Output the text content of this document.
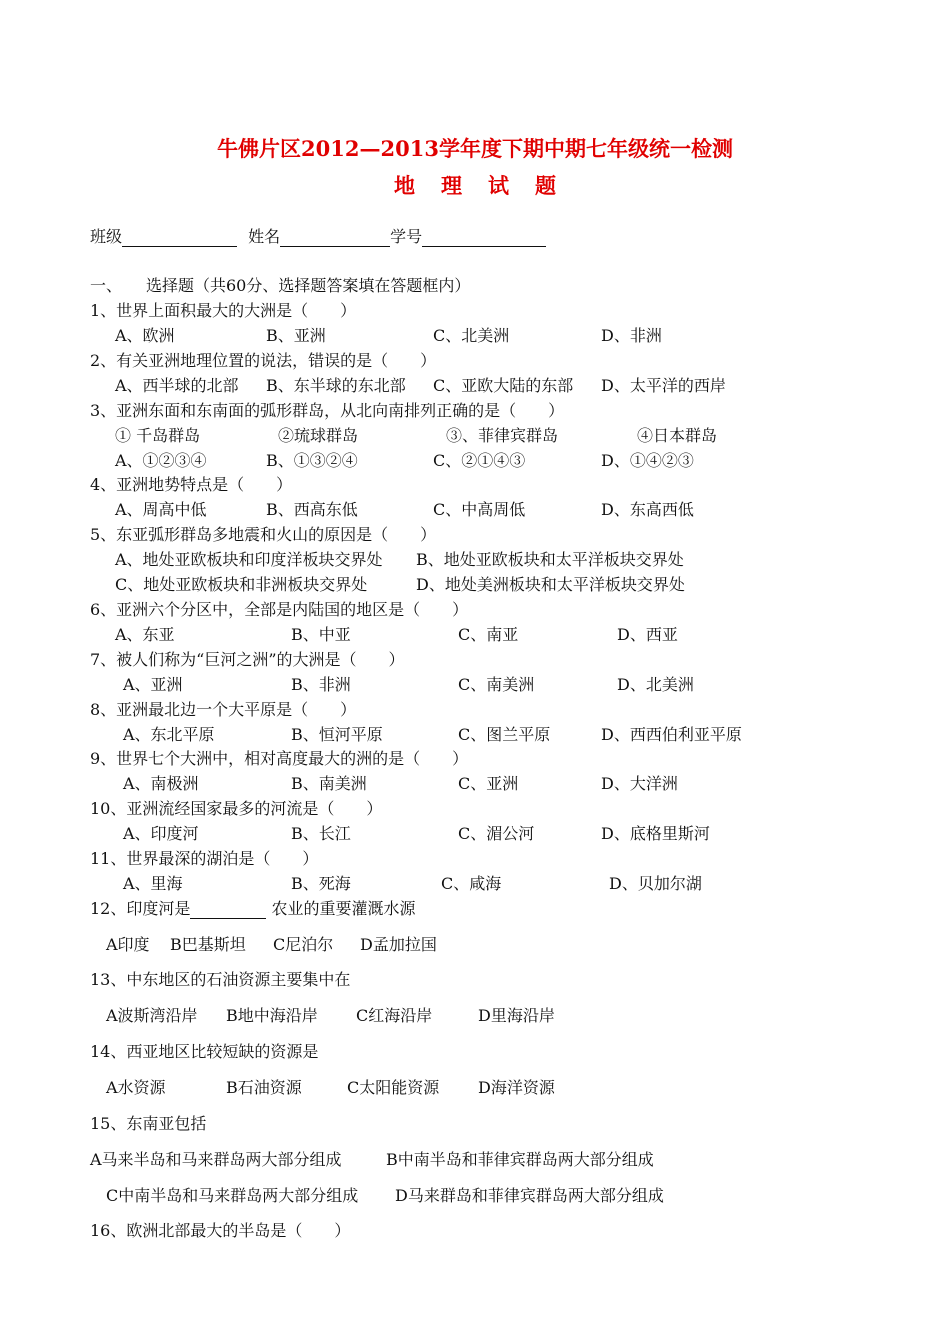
牛佛片区2012—2013学年度下期中期七年级统一检测
地 理 试 题
班级	姓名	学号
一、　　选择题（共60分、选择题答案填在答题框内）
1、世界上面积最大的大洲是（　　）
A、欧洲	B、亚洲	C、北美洲	D、非洲
2、有关亚洲地理位置的说法，错误的是（　　）
A、西半球的北部 B、东半球的东北部 C、亚欧大陆的东部 D、太平洋的西岸
3、亚洲东面和东南面的弧形群岛，从北向南排列正确的是（　　）
① 千岛群岛	②琉球群岛	③、菲律宾群岛	④日本群岛
A、①②③④	B、①③②④	C、②①④③	D、①④②③
4、亚洲地势特点是（　　）
A、周高中低	B、西高东低	C、中高周低	D、东高西低
5、东亚弧形群岛多地震和火山的原因是（　　）
A、地处亚欧板块和印度洋板块交界处 B、地处亚欧板块和太平洋板块交界处
C、地处亚欧板块和非洲板块交界处	D、地处美洲板块和太平洋板块交界处
6、亚洲六个分区中，全部是内陆国的地区是（　　）
A、东亚	B、中亚	C、南亚	D、西亚
7、被人们称为“巨河之洲”的大洲是（　　）
A、亚洲	B、非洲	C、南美洲	D、北美洲
8、亚洲最北边一个大平原是（　　）
A、东北平原	B、恒河平原	C、图兰平原	D、西西伯利亚平原
9、世界七个大洲中，相对高度最大的洲的是（　　）
A、南极洲	B、南美洲	C、亚洲	D、大洋洲
10、亚洲流经国家最多的河流是（　　）
A、印度河	B、长江	C、湄公河	D、底格里斯河
11、世界最深的湖泊是（　　）
A、里海	B、死海	C、咸海	D、贝加尔湖
12、印度河是	农业的重要灌溉水源
A印度 B巴基斯坦 C尼泊尔 D孟加拉国
13、中东地区的石油资源主要集中在
A波斯湾沿岸 B地中海沿岸 C红海沿岸	D里海沿岸
14、西亚地区比较短缺的资源是
A水资源	B石油资源	C太阳能资源 D海洋资源
15、东南亚包括
A马来半岛和马来群岛两大部分组成	B中南半岛和菲律宾群岛两大部分组成
C中南半岛和马来群岛两大部分组成 D马来群岛和菲律宾群岛两大部分组成
16、欧洲北部最大的半岛是（　　）
